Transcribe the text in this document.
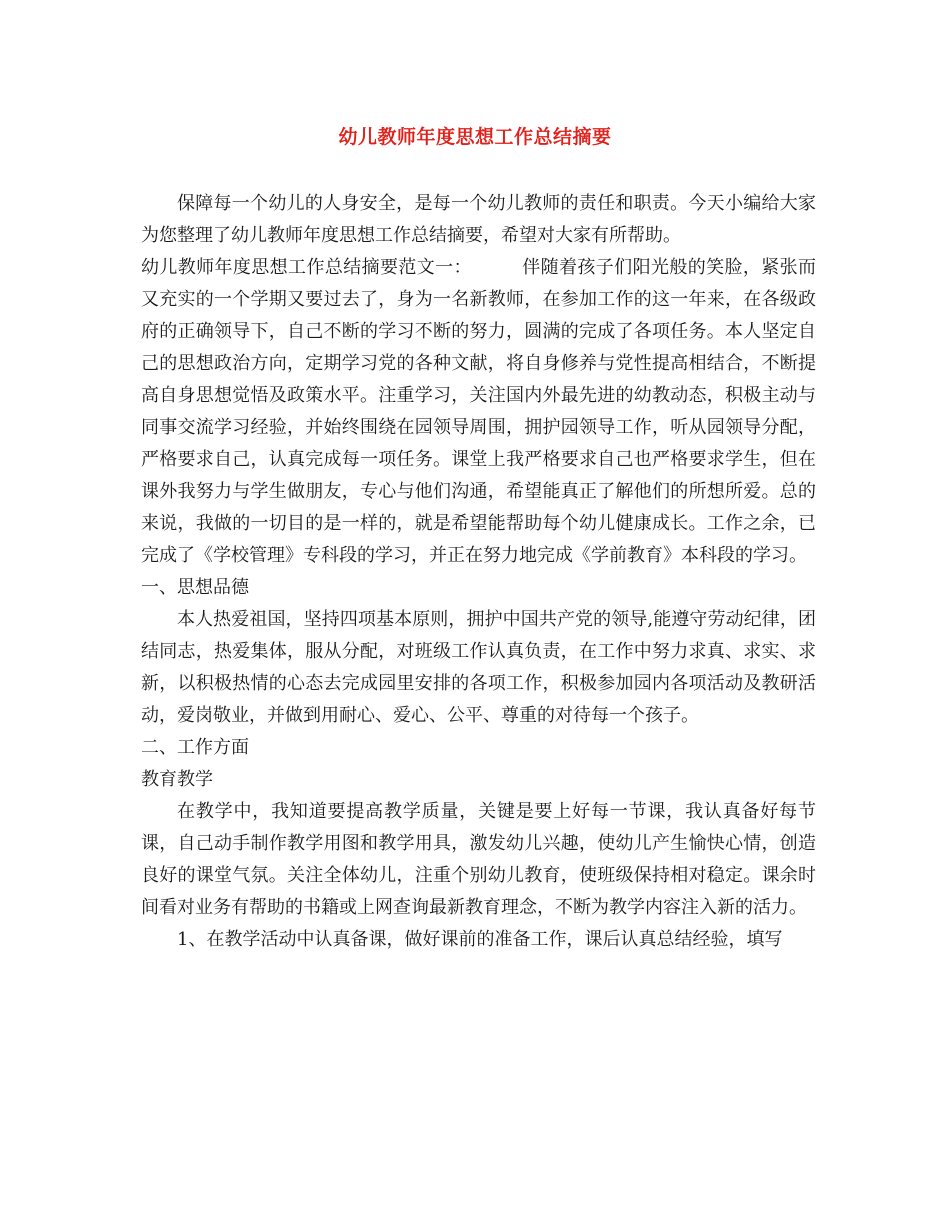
幼儿教师年度思想工作总结摘要

保障每一个幼儿的人身安全，是每一个幼儿教师的责任和职责。今天小编给大家为您整理了幼儿教师年度思想工作总结摘要，希望对大家有所帮助。

幼儿教师年度思想工作总结摘要范文一：	伴随着孩子们阳光般的笑脸，紧张而又充实的一个学期又要过去了，身为一名新教师，在参加工作的这一年来，在各级政府的正确领导下，自己不断的学习不断的努力，圆满的完成了各项任务。本人坚定自己的思想政治方向，定期学习党的各种文献，将自身修养与党性提高相结合，不断提高自身思想觉悟及政策水平。注重学习，关注国内外最先进的幼教动态，积极主动与同事交流学习经验，并始终围绕在园领导周围，拥护园领导工作，听从园领导分配，严格要求自己，认真完成每一项任务。课堂上我严格要求自己也严格要求学生，但在课外我努力与学生做朋友，专心与他们沟通，希望能真正了解他们的所想所爱。总的来说，我做的一切目的是一样的，就是希望能帮助每个幼儿健康成长。工作之余，已完成了《学校管理》专科段的学习，并正在努力地完成《学前教育》本科段的学习。

一、思想品德

本人热爱祖国，坚持四项基本原则，拥护中国共产党的领导,能遵守劳动纪律，团结同志，热爱集体，服从分配，对班级工作认真负责，在工作中努力求真、求实、求新，以积极热情的心态去完成园里安排的各项工作，积极参加园内各项活动及教研活动，爱岗敬业，并做到用耐心、爱心、公平、尊重的对待每一个孩子。

二、工作方面

教育教学

在教学中，我知道要提高教学质量，关键是要上好每一节课，我认真备好每节课，自己动手制作教学用图和教学用具，激发幼儿兴趣，使幼儿产生愉快心情，创造良好的课堂气氛。关注全体幼儿，注重个别幼儿教育，使班级保持相对稳定。课余时间看对业务有帮助的书籍或上网查询最新教育理念，不断为教学内容注入新的活力。

1、在教学活动中认真备课，做好课前的准备工作，课后认真总结经验，填写
